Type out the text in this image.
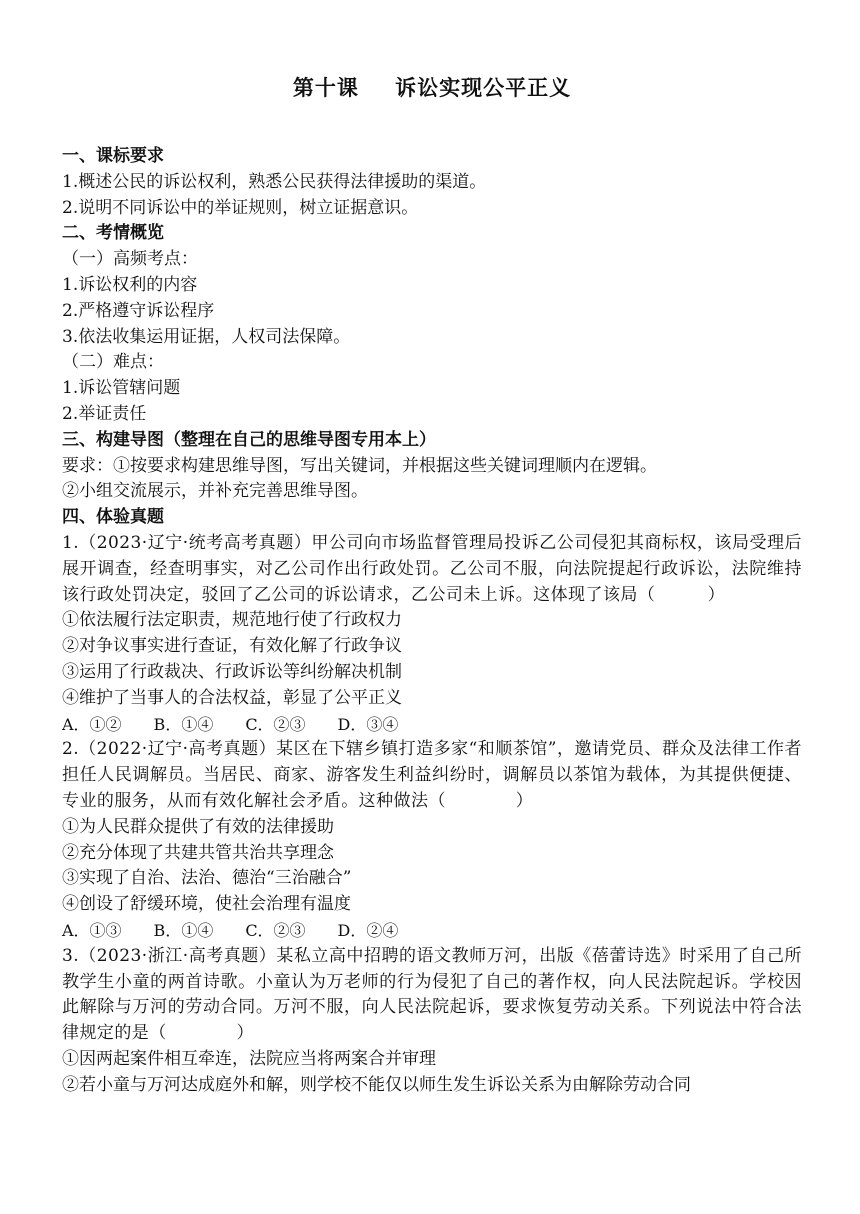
第十课 诉讼实现公平正义
一、课标要求
1.概述公民的诉讼权利，熟悉公民获得法律援助的渠道。
2.说明不同诉讼中的举证规则，树立证据意识。
二、考情概览
（一）高频考点：
1.诉讼权利的内容
2.严格遵守诉讼程序
3.依法收集运用证据，人权司法保障。
（二）难点：
1.诉讼管辖问题
2.举证责任
三、构建导图（整理在自己的思维导图专用本上）
要求：①按要求构建思维导图，写出关键词，并根据这些关键词理顺内在逻辑。
②小组交流展示，并补充完善思维导图。
四、体验真题
1.（2023·辽宁·统考高考真题）甲公司向市场监督管理局投诉乙公司侵犯其商标权，该局受理后展开调查，经查明事实，对乙公司作出行政处罚。乙公司不服，向法院提起行政诉讼，法院维持该行政处罚决定，驳回了乙公司的诉讼请求，乙公司未上诉。这体现了该局（　　　）
①依法履行法定职责，规范地行使了行政权力
②对争议事实进行查证，有效化解了行政争议
③运用了行政裁决、行政诉讼等纠纷解决机制
④维护了当事人的合法权益，彰显了公平正义
A．①②　　B．①④　　C．②③　　D．③④
2.（2022·辽宁·高考真题）某区在下辖乡镇打造多家“和顺茶馆”，邀请党员、群众及法律工作者担任人民调解员。当居民、商家、游客发生利益纠纷时，调解员以茶馆为载体，为其提供便捷、专业的服务，从而有效化解社会矛盾。这种做法（　　　　）
①为人民群众提供了有效的法律援助
②充分体现了共建共管共治共享理念
③实现了自治、法治、德治“三治融合”
④创设了舒缓环境，使社会治理有温度
A．①③　　B．①④　　C．②③　　D．②④
3.（2023·浙江·高考真题）某私立高中招聘的语文教师万河，出版《蓓蕾诗选》时采用了自己所教学生小童的两首诗歌。小童认为万老师的行为侵犯了自己的著作权，向人民法院起诉。学校因此解除与万河的劳动合同。万河不服，向人民法院起诉，要求恢复劳动关系。下列说法中符合法律规定的是（　　　　）
①因两起案件相互牵连，法院应当将两案合并审理
②若小童与万河达成庭外和解，则学校不能仅以师生发生诉讼关系为由解除劳动合同
